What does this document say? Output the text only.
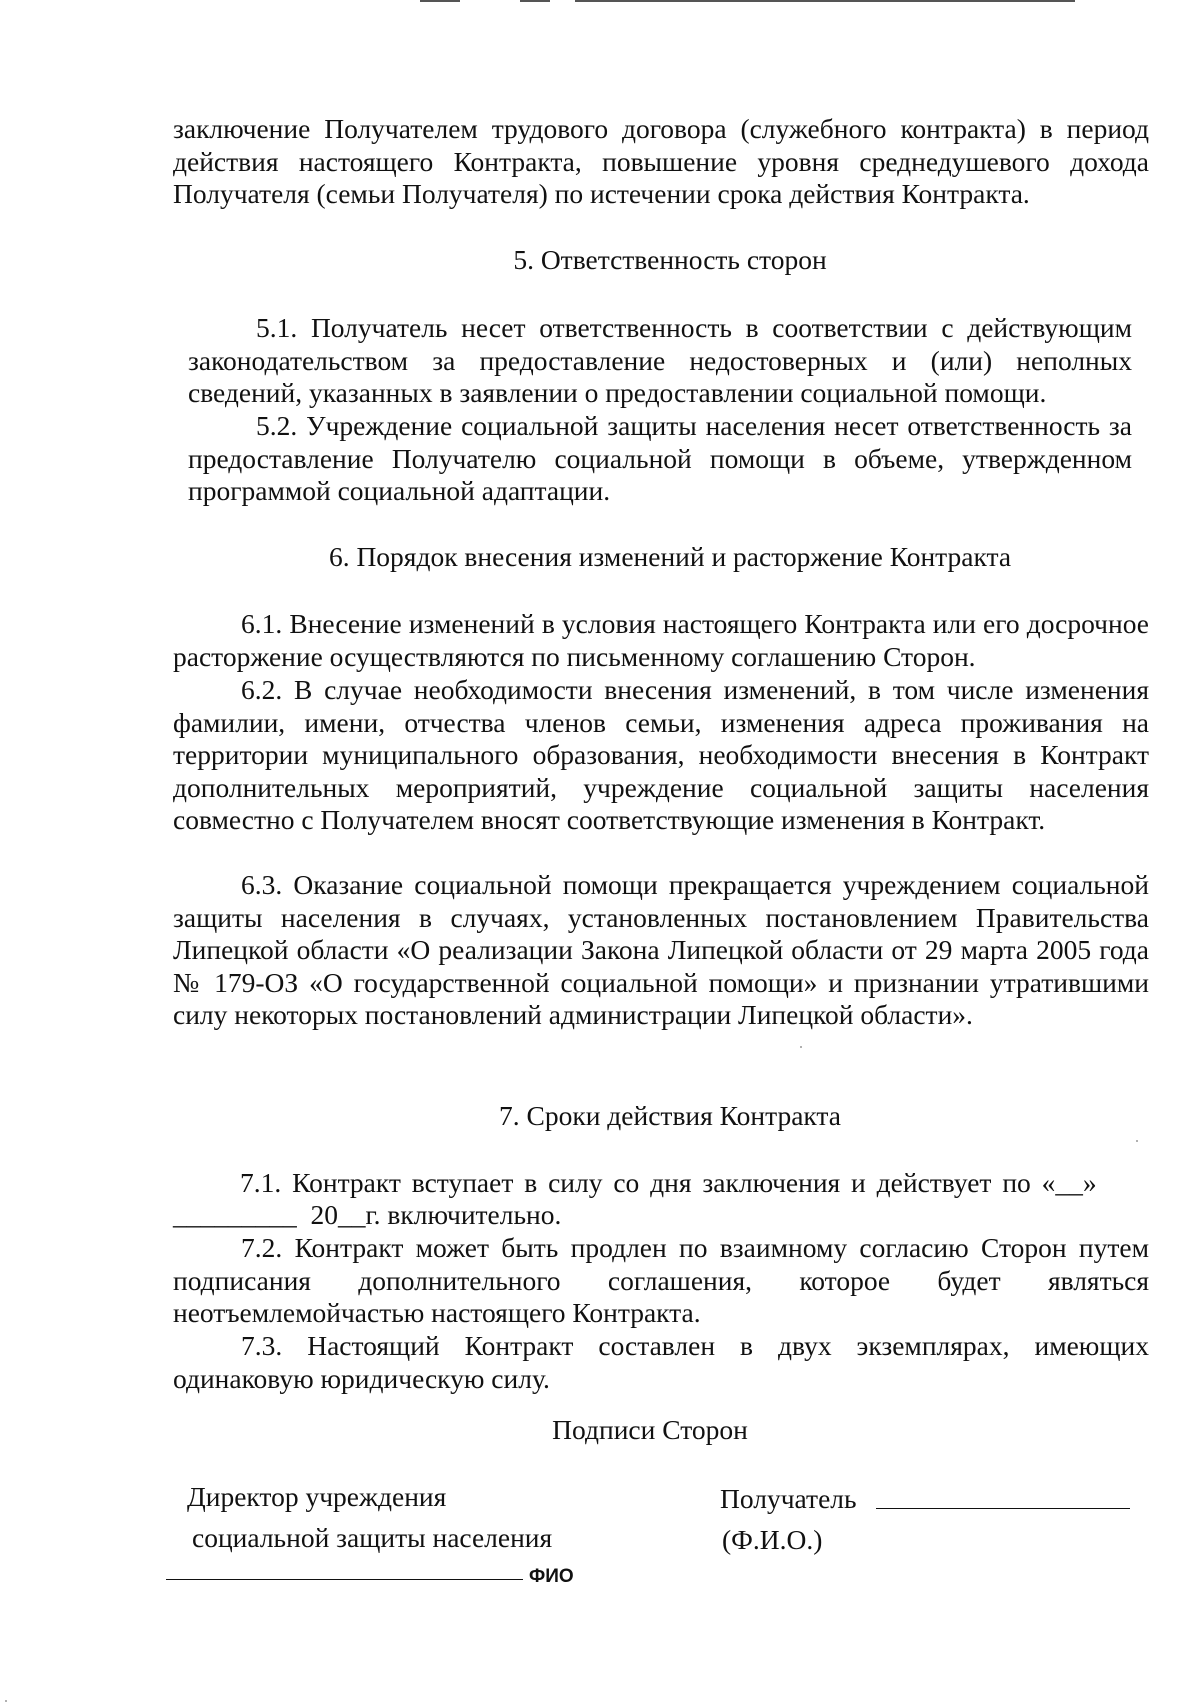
заключение Получателем трудового договора (служебного контракта) в период действия настоящего Контракта, повышение уровня среднедушевого дохода Получателя (семьи Получателя) по истечении срока действия Контракта.

5. Ответственность сторон

5.1. Получатель несет ответственность в соответствии с действующим законодательством за предоставление недостоверных и (или) неполных сведений, указанных в заявлении о предоставлении социальной помощи.

5.2. Учреждение социальной защиты населения несет ответственность за предоставление Получателю социальной помощи в объеме, утвержденном программой социальной адаптации.

6. Порядок внесения изменений и расторжение Контракта

6.1. Внесение изменений в условия настоящего Контракта или его досрочное расторжение осуществляются по письменному соглашению Сторон.

6.2. В случае необходимости внесения изменений, в том числе изменения фамилии, имени, отчества членов семьи, изменения адреса проживания на территории муниципального образования, необходимости внесения в Контракт дополнительных мероприятий, учреждение социальной защиты населения совместно с Получателем вносят соответствующие изменения в Контракт.

6.3. Оказание социальной помощи прекращается учреждением социальной защиты населения в случаях, установленных постановлением Правительства Липецкой области «О реализации Закона Липецкой области от 29 марта 2005 года № 179-ОЗ «О государственной социальной помощи» и признании утратившими силу некоторых постановлений администрации Липецкой области».

7. Сроки действия Контракта

7.1. Контракт вступает в силу со дня заключения и действует по «__»

_________  20__г. включительно.

7.2. Контракт может быть продлен по взаимному согласию Сторон путем подписания дополнительного соглашения, которое будет являться неотъемлемойчастью настоящего Контракта.

7.3. Настоящий Контракт составлен в двух экземплярах, имеющих одинаковую юридическую силу.

Подписи Сторон

Директор учреждения
социальной защиты населения
ФИО
Получатель
(Ф.И.О.)
